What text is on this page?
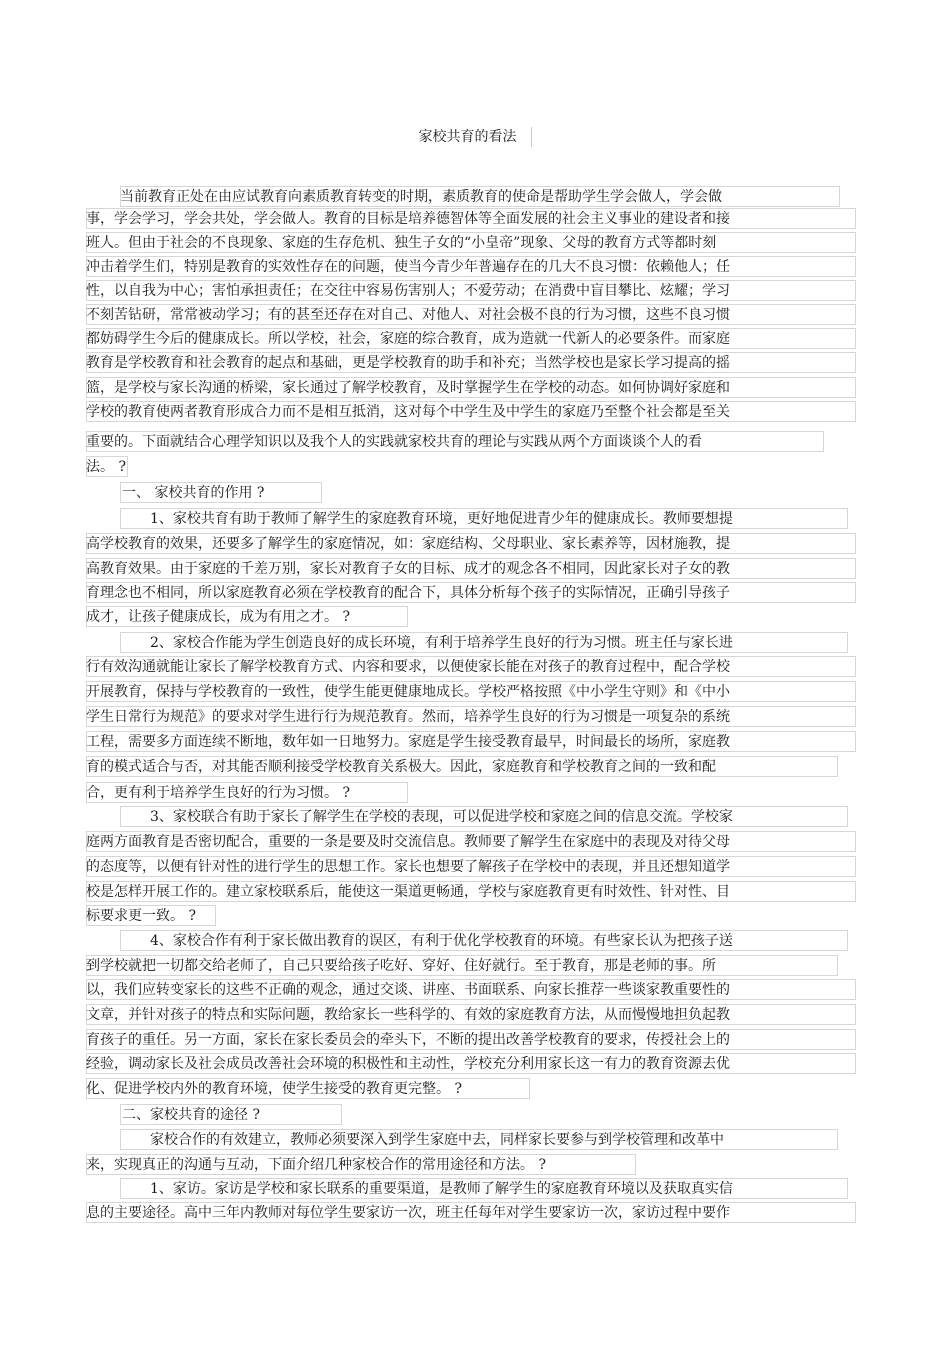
家校共育的看法
当前教育正处在由应试教育向素质教育转变的时期，素质教育的使命是帮助学生学会做人，学会做
事，学会学习，学会共处，学会做人。教育的目标是培养德智体等全面发展的社会主义事业的建设者和接
班人。但由于社会的不良现象、家庭的生存危机、独生子女的“小皇帝”现象、父母的教育方式等都时刻
冲击着学生们，特别是教育的实效性存在的问题，使当今青少年普遍存在的几大不良习惯：依赖他人；任
性，以自我为中心；害怕承担责任；在交往中容易伤害别人；不爱劳动；在消费中盲目攀比、炫耀；学习
不刻苦钻研，常常被动学习；有的甚至还存在对自己、对他人、对社会极不良的行为习惯，这些不良习惯
都妨碍学生今后的健康成长。所以学校，社会，家庭的综合教育，成为造就一代新人的必要条件。而家庭
教育是学校教育和社会教育的起点和基础，更是学校教育的助手和补充；当然学校也是家长学习提高的摇
篮，是学校与家长沟通的桥梁，家长通过了解学校教育，及时掌握学生在学校的动态。如何协调好家庭和
学校的教育使两者教育形成合力而不是相互抵消，这对每个中学生及中学生的家庭乃至整个社会都是至关
重要的。下面就结合心理学知识以及我个人的实践就家校共育的理论与实践从两个方面谈谈个人的看
法。 ?
一、 家校共育的作用 ?
1、家校共育有助于教师了解学生的家庭教育环境，更好地促进青少年的健康成长。教师要想提
高学校教育的效果，还要多了解学生的家庭情况，如：家庭结构、父母职业、家长素养等，因材施教，提
高教育效果。由于家庭的千差万别，家长对教育子女的目标、成才的观念各不相同，因此家长对子女的教
育理念也不相同，所以家庭教育必须在学校教育的配合下，具体分析每个孩子的实际情况，正确引导孩子
成才，让孩子健康成长，成为有用之才。 ?
2、家校合作能为学生创造良好的成长环境，有利于培养学生良好的行为习惯。班主任与家长进
行有效沟通就能让家长了解学校教育方式、内容和要求，以便使家长能在对孩子的教育过程中，配合学校
开展教育，保持与学校教育的一致性，使学生能更健康地成长。学校严格按照《中小学生守则》和《中小
学生日常行为规范》的要求对学生进行行为规范教育。然而，培养学生良好的行为习惯是一项复杂的系统
工程，需要多方面连续不断地，数年如一日地努力。家庭是学生接受教育最早，时间最长的场所，家庭教
育的模式适合与否，对其能否顺利接受学校教育关系极大。因此，家庭教育和学校教育之间的一致和配
合，更有利于培养学生良好的行为习惯。 ?
3、家校联合有助于家长了解学生在学校的表现，可以促进学校和家庭之间的信息交流。学校家
庭两方面教育是否密切配合，重要的一条是要及时交流信息。教师要了解学生在家庭中的表现及对待父母
的态度等，以便有针对性的进行学生的思想工作。家长也想要了解孩子在学校中的表现，并且还想知道学
校是怎样开展工作的。建立家校联系后，能使这一渠道更畅通，学校与家庭教育更有时效性、针对性、目
标要求更一致。 ?
4、家校合作有利于家长做出教育的误区，有利于优化学校教育的环境。有些家长认为把孩子送
到学校就把一切都交给老师了，自己只要给孩子吃好、穿好、住好就行。至于教育，那是老师的事。所
以，我们应转变家长的这些不正确的观念，通过交谈、讲座、书面联系、向家长推荐一些谈家教重要性的
文章，并针对孩子的特点和实际问题，教给家长一些科学的、有效的家庭教育方法，从而慢慢地担负起教
育孩子的重任。另一方面，家长在家长委员会的牵头下，不断的提出改善学校教育的要求，传授社会上的
经验，调动家长及社会成员改善社会环境的积极性和主动性，学校充分利用家长这一有力的教育资源去优
化、促进学校内外的教育环境，使学生接受的教育更完整。 ?
二、家校共育的途径 ?
家校合作的有效建立，教师必须要深入到学生家庭中去，同样家长要参与到学校管理和改革中
来，实现真正的沟通与互动，下面介绍几种家校合作的常用途径和方法。 ?
1、家访。家访是学校和家长联系的重要渠道，是教师了解学生的家庭教育环境以及获取真实信
息的主要途径。高中三年内教师对每位学生要家访一次，班主任每年对学生要家访一次，家访过程中要作
